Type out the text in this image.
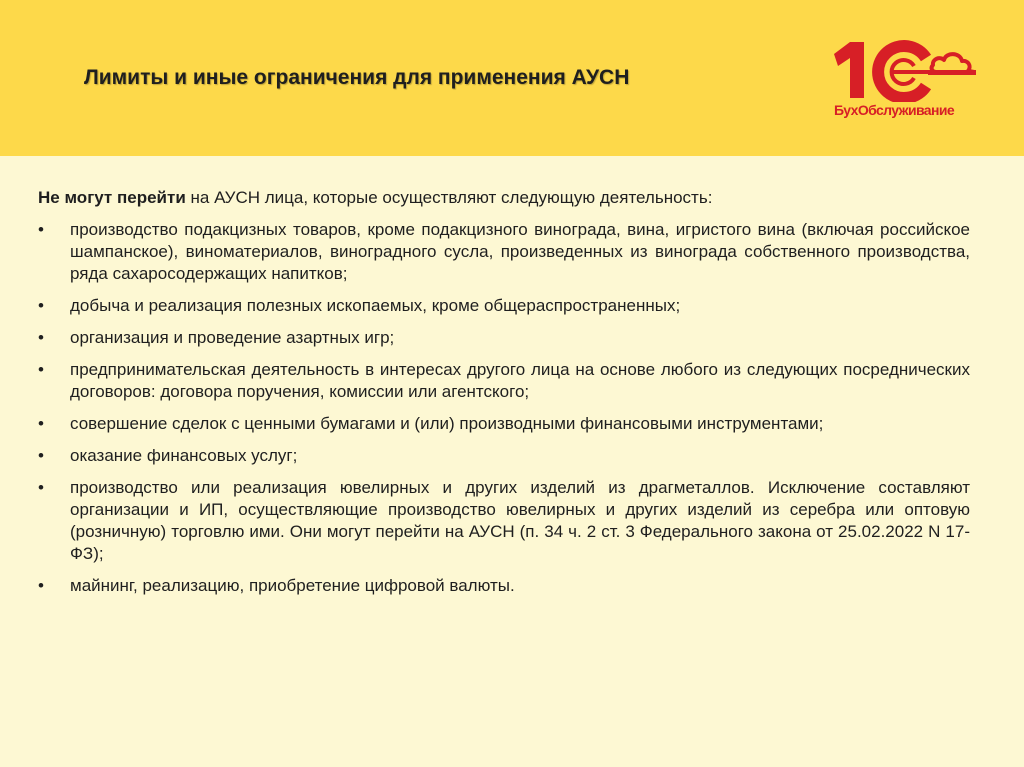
Лимиты и иные ограничения для применения АУСН
БухОбслуживание

Не могут перейти на АУСН лица, которые осуществляют следующую деятельность:

• производство подакцизных товаров, кроме подакцизного винограда, вина, игристого вина (включая российское шампанское), виноматериалов, виноградного сусла, произведенных из винограда собственного производства, ряда сахаросодержащих напитков;
• добыча и реализация полезных ископаемых, кроме общераспространенных;
• организация и проведение азартных игр;
• предпринимательская деятельность в интересах другого лица на основе любого из следующих посреднических договоров: договора поручения, комиссии или агентского;
• совершение сделок с ценными бумагами и (или) производными финансовыми инструментами;
• оказание финансовых услуг;
• производство или реализация ювелирных и других изделий из драгметаллов. Исключение составляют организации и ИП, осуществляющие производство ювелирных и других изделий из серебра или оптовую (розничную) торговлю ими. Они могут перейти на АУСН (п. 34 ч. 2 ст. 3 Федерального закона от 25.02.2022 N 17-ФЗ);
• майнинг, реализацию, приобретение цифровой валюты.
